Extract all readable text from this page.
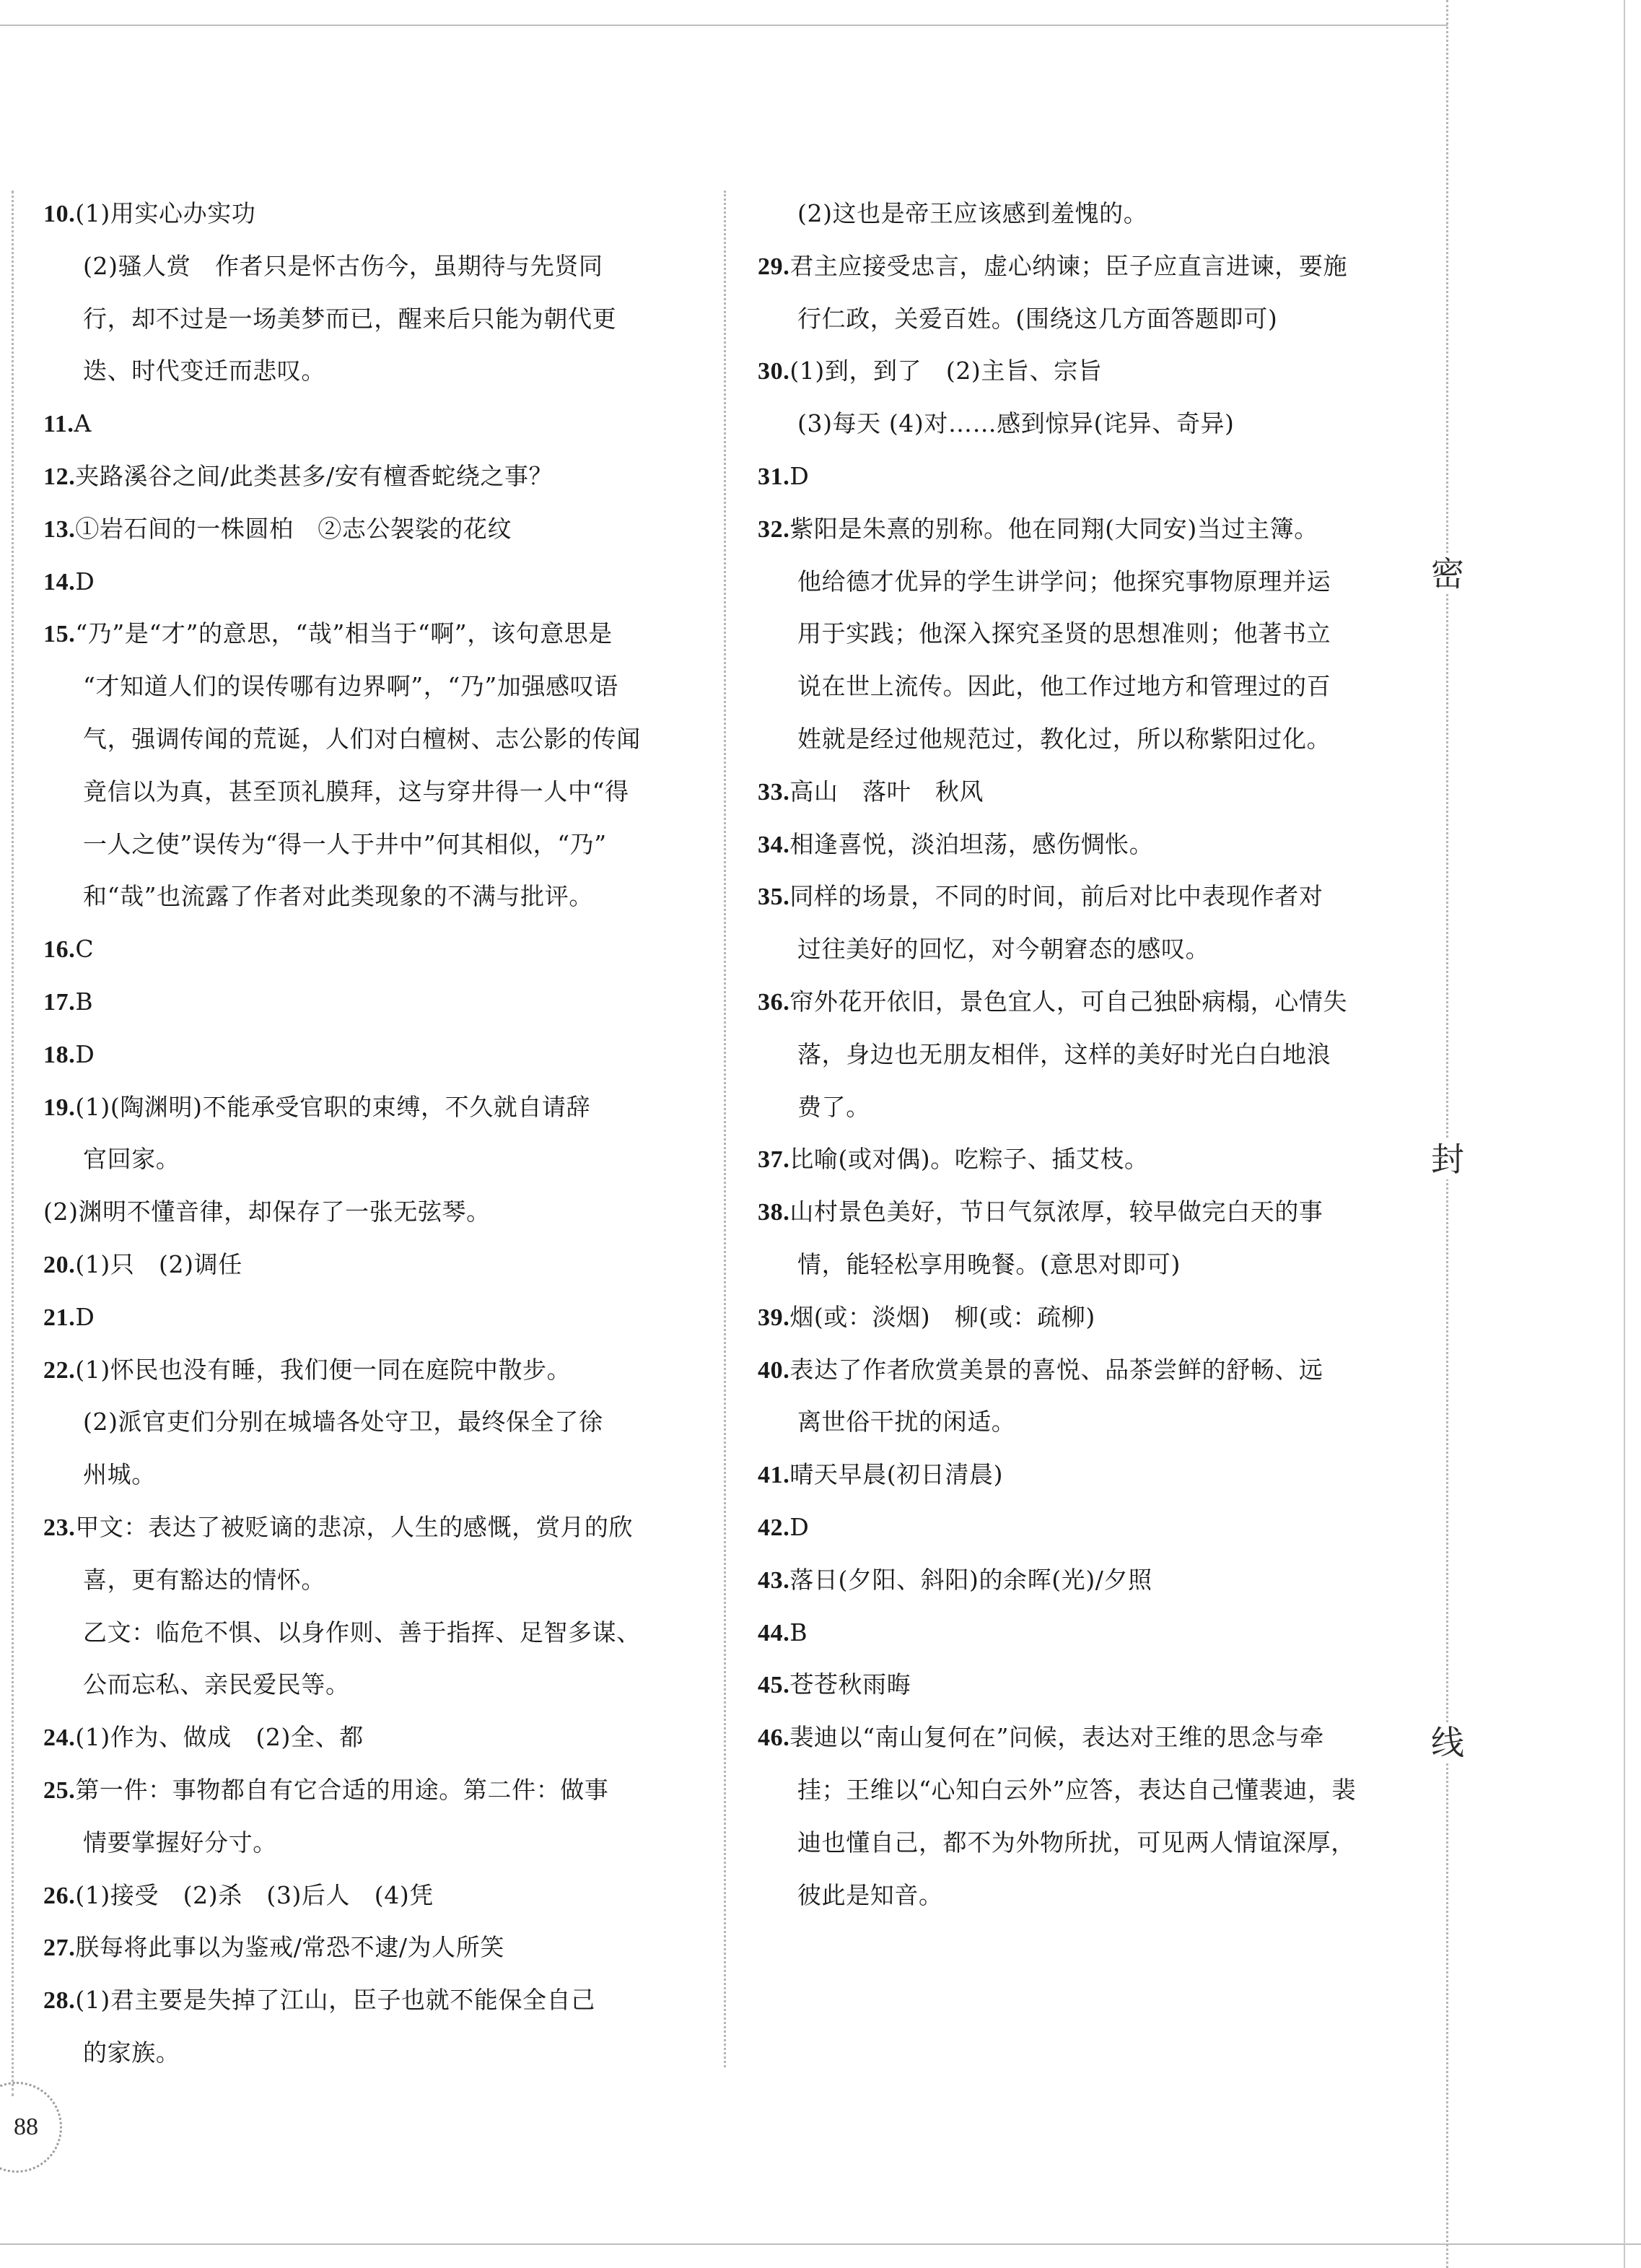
密
封
线
88
10.(1)用实心办实功
(2)骚人赏　作者只是怀古伤今，虽期待与先贤同
行，却不过是一场美梦而已，醒来后只能为朝代更
迭、时代变迁而悲叹。
11.A
12.夹路溪谷之间/此类甚多/安有檀香蛇绕之事？
13.①岩石间的一株圆柏　②志公袈裟的花纹
14.D
15.“乃”是“才”的意思，“哉”相当于“啊”，该句意思是
“才知道人们的误传哪有边界啊”，“乃”加强感叹语
气，强调传闻的荒诞，人们对白檀树、志公影的传闻
竟信以为真，甚至顶礼膜拜，这与穿井得一人中“得
一人之使”误传为“得一人于井中”何其相似，“乃”
和“哉”也流露了作者对此类现象的不满与批评。
16.C
17.B
18.D
19.(1)(陶渊明)不能承受官职的束缚，不久就自请辞
官回家。
(2)渊明不懂音律，却保存了一张无弦琴。
20.(1)只　(2)调任
21.D
22.(1)怀民也没有睡，我们便一同在庭院中散步。
(2)派官吏们分别在城墙各处守卫，最终保全了徐
州城。
23.甲文：表达了被贬谪的悲凉，人生的感慨，赏月的欣
喜，更有豁达的情怀。
乙文：临危不惧、以身作则、善于指挥、足智多谋、
公而忘私、亲民爱民等。
24.(1)作为、做成　(2)全、都
25.第一件：事物都自有它合适的用途。第二件：做事
情要掌握好分寸。
26.(1)接受　(2)杀　(3)后人　(4)凭
27.朕每将此事以为鉴戒/常恐不逮/为人所笑
28.(1)君主要是失掉了江山，臣子也就不能保全自己
的家族。
(2)这也是帝王应该感到羞愧的。
29.君主应接受忠言，虚心纳谏；臣子应直言进谏，要施
行仁政，关爱百姓。(围绕这几方面答题即可)
30.(1)到，到了　(2)主旨、宗旨
(3)每天 (4)对……感到惊异(诧异、奇异)
31.D
32.紫阳是朱熹的别称。他在同翔(大同安)当过主簿。
他给德才优异的学生讲学问；他探究事物原理并运
用于实践；他深入探究圣贤的思想准则；他著书立
说在世上流传。因此，他工作过地方和管理过的百
姓就是经过他规范过，教化过，所以称紫阳过化。
33.高山　落叶　秋风
34.相逢喜悦，淡泊坦荡，感伤惆怅。
35.同样的场景，不同的时间，前后对比中表现作者对
过往美好的回忆，对今朝窘态的感叹。
36.帘外花开依旧，景色宜人，可自己独卧病榻，心情失
落，身边也无朋友相伴，这样的美好时光白白地浪
费了。
37.比喻(或对偶)。吃粽子、插艾枝。
38.山村景色美好，节日气氛浓厚，较早做完白天的事
情，能轻松享用晚餐。(意思对即可)
39.烟(或：淡烟)　柳(或：疏柳)
40.表达了作者欣赏美景的喜悦、品茶尝鲜的舒畅、远
离世俗干扰的闲适。
41.晴天早晨(初日清晨)
42.D
43.落日(夕阳、斜阳)的余晖(光)/夕照
44.B
45.苍苍秋雨晦
46.裴迪以“南山复何在”问候，表达对王维的思念与牵
挂；王维以“心知白云外”应答，表达自己懂裴迪，裴
迪也懂自己，都不为外物所扰，可见两人情谊深厚，
彼此是知音。
